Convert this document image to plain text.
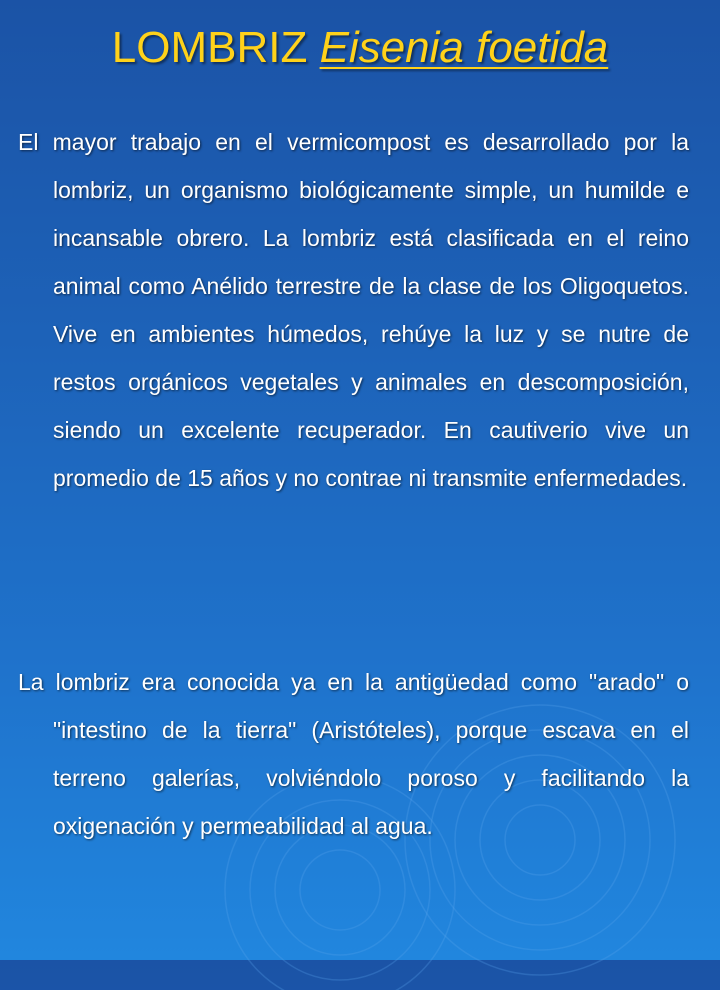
LOMBRIZ Eisenia foetida
El mayor trabajo en el vermicompost es desarrollado por la lombriz, un organismo biológicamente simple, un humilde e incansable obrero. La lombriz está clasificada en el reino animal como Anélido terrestre de la clase de los Oligoquetos. Vive en ambientes húmedos, rehúye la luz y se nutre de restos orgánicos vegetales y animales en descomposición, siendo un excelente recuperador. En cautiverio vive un promedio de 15 años y no contrae ni transmite enfermedades.
La lombriz era conocida ya en la antigüedad como "arado" o "intestino de la tierra" (Aristóteles), porque escava en el terreno galerías, volviéndolo poroso y facilitando la oxigenación y permeabilidad al agua.
